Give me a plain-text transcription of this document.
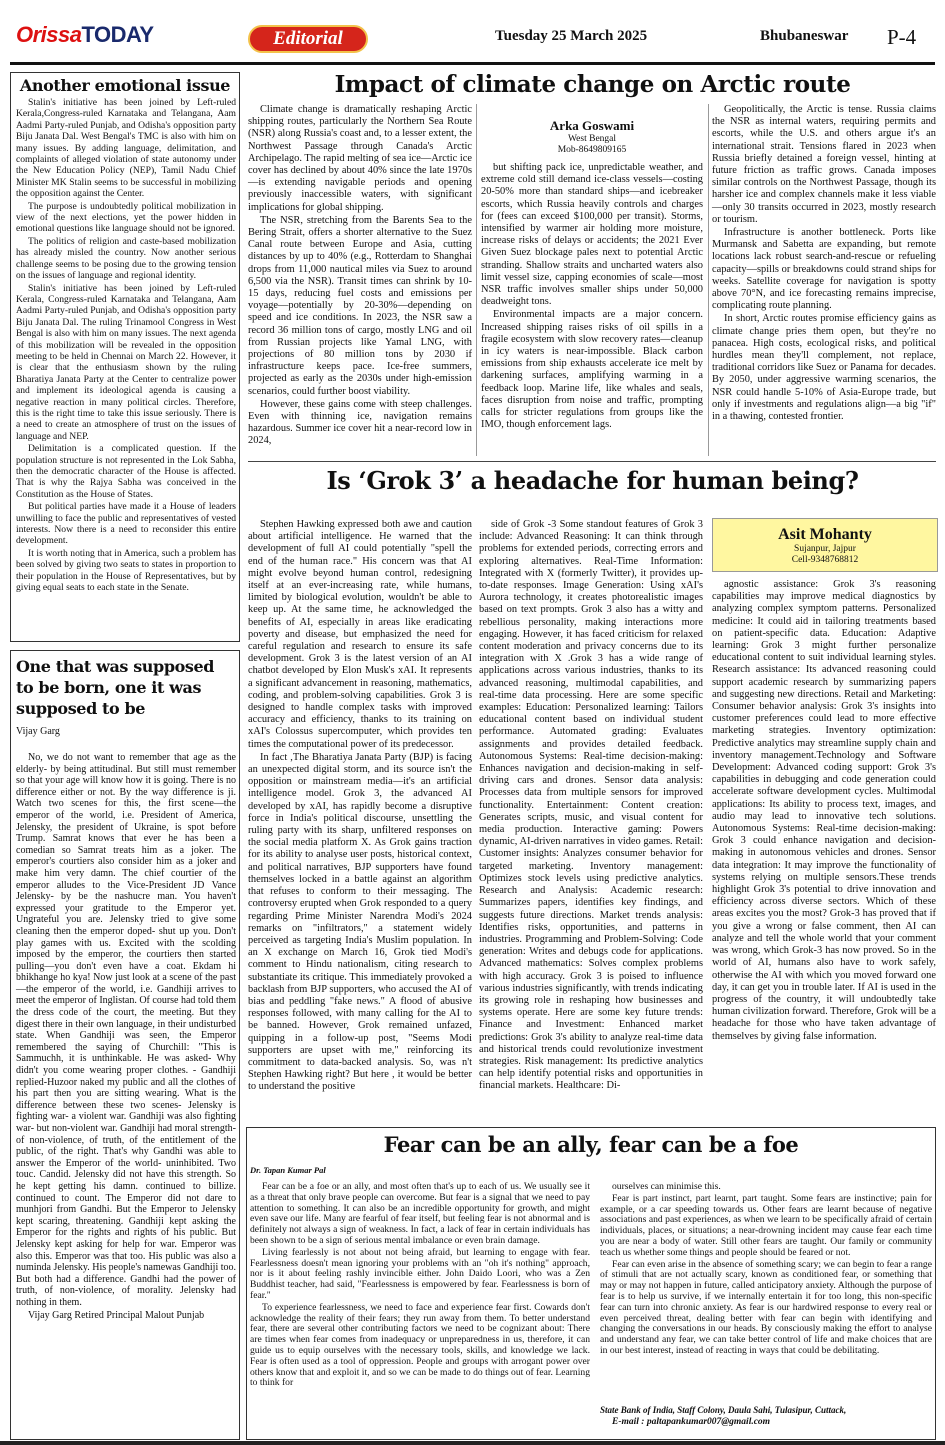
OrissaTODAY	Editorial	Tuesday 25 March 2025	Bhubaneswar P-4
Another emotional issue

Stalin's initiative has been joined by Left-ruled Kerala,Congress-ruled Karnataka and Telangana, Aam Aadmi Party-ruled Punjab, and Odisha's opposition party Biju Janata Dal. West Bengal's TMC is also with him on many issues. By adding language, delimitation, and complaints of alleged violation of state autonomy under the New Education Policy (NEP), Tamil Nadu Chief Minister MK Stalin seems to be successful in mobilizing the opposition against the Center.

The purpose is undoubtedly political mobilization in view of the next elections, yet the power hidden in emotional questions like language should not be ignored.

The politics of religion and caste-based mobilization has already misled the country. Now another serious challenge seems to be posing due to the growing tension on the issues of language and regional identity.

Stalin's initiative has been joined by Left-ruled Kerala, Congress-ruled Karnataka and Telangana, Aam Aadmi Party-ruled Punjab, and Odisha's opposition party Biju Janata Dal. The ruling Trinamool Congress in West Bengal is also with him on many issues. The next agenda of this mobilization will be revealed in the opposition meeting to be held in Chennai on March 22. However, it is clear that the enthusiasm shown by the ruling Bharatiya Janata Party at the Center to centralize power and implement its ideological agenda is causing a negative reaction in many political circles. Therefore, this is the right time to take this issue seriously. There is a need to create an atmosphere of trust on the issues of language and NEP.

Delimitation is a complicated question. If the population structure is not represented in the Lok Sabha, then the democratic character of the House is affected. That is why the Rajya Sabha was conceived in the Constitution as the House of States.

But political parties have made it a House of leaders unwilling to face the public and representatives of vested interests. Now there is a need to reconsider this entire development.

It is worth noting that in America, such a problem has been solved by giving two seats to states in proportion to their population in the House of Representatives, but by giving equal seats to each state in the Senate.

One that was supposed to be born, one it was supposed to be
Vijay Garg

No, we do not want to remember that age as the elderly- by being attitudinal. But still must remember so that your age will know how it is going. There is no difference either or not. By the way difference is ji. Watch two scenes for this, the first scene—the emperor of the world, i.e. President of America, Jelensky, the president of Ukraine, is spot before Trump. Samrat knows that ever he has been a comedian so Samrat treats him as a joker. The emperor's courtiers also consider him as a joker and make him very damn. The chief courtier of the emperor alludes to the Vice-President JD Vance Jelensky- by be the nashucre man. You haven't expressed your gratitude to the Emperor yet. Ungrateful you are. Jelensky tried to give some cleaning then the emperor doped- shut up you. Don't play games with us. Excited with the scolding imposed by the emperor, the courtiers then started pulling—you don't even have a coat. Ekdam hi bhikhange ho kya! Now just look at a scene of the past—the emperor of the world, i.e. Gandhiji arrives to meet the emperor of Inglistan. Of course had told them the dress code of the court, the meeting. But they digest there in their own language, in their undisturbed state. When Gandhiji was seen, the Emperor remembered the saying of Churchill: "This is Sammuchh, it is unthinkable. He was asked- Why didn't you come wearing proper clothes. - Gandhiji replied-Huzoor naked my public and all the clothes of his part then you are sitting wearing. What is the difference between these two scenes- Jelensky is fighting war- a violent war. Gandhiji was also fighting war- but non-violent war. Gandhiji had moral strength- of non-violence, of truth, of the entitlement of the public, of the right. That's why Gandhi was able to answer the Emperor of the world- uninhibited. Two touc. Candid. Jelensky did not have this strength. So he kept getting his damn. continued to billize. continued to count. The Emperor did not dare to munhjori from Gandhi. But the Emperor to Jelensky kept scaring, threatening. Gandhiji kept asking the Emperor for the rights and rights of his public. But Jelensky kept asking for help for war. Emperor was also this. Emperor was that too. His public was also a numinda Jelensky. His people's namewas Gandhiji too. But both had a difference. Gandhi had the power of truth, of non-violence, of morality. Jelensky had nothing in them.

Vijay Garg Retired Principal Malout Punjab

Impact of climate change on Arctic route

Climate change is dramatically reshaping Arctic shipping routes, particularly the Northern Sea Route (NSR) along Russia's coast and, to a lesser extent, the Northwest Passage through Canada's Arctic Archipelago. The rapid melting of sea ice—Arctic ice cover has declined by about 40% since the late 1970s—is extending navigable periods and opening previously inaccessible waters, with significant implications for global shipping.

The NSR, stretching from the Barents Sea to the Bering Strait, offers a shorter alternative to the Suez Canal route between Europe and Asia, cutting distances by up to 40% (e.g., Rotterdam to Shanghai drops from 11,000 nautical miles via Suez to around 6,500 via the NSR). Transit times can shrink by 10-15 days, reducing fuel costs and emissions per voyage—potentially by 20-30%—depending on speed and ice conditions. In 2023, the NSR saw a record 36 million tons of cargo, mostly LNG and oil from Russian projects like Yamal LNG, with projections of 80 million tons by 2030 if infrastructure keeps pace. Ice-free summers, projected as early as the 2030s under high-emission scenarios, could further boost viability.

However, these gains come with steep challenges. Even with thinning ice, navigation remains hazardous. Summer ice cover hit a near-record low in 2024,

Arka Goswami
West Bengal
Mob-8649809165

but shifting pack ice, unpredictable weather, and extreme cold still demand ice-class vessels—costing 20-50% more than standard ships—and icebreaker escorts, which Russia heavily controls and charges for (fees can exceed $100,000 per transit). Storms, intensified by warmer air holding more moisture, increase risks of delays or accidents; the 2021 Ever Given Suez blockage pales next to potential Arctic stranding. Shallow straits and uncharted waters also limit vessel size, capping economies of scale—most NSR traffic involves smaller ships under 50,000 deadweight tons.

Environmental impacts are a major concern. Increased shipping raises risks of oil spills in a fragile ecosystem with slow recovery rates—cleanup in icy waters is near-impossible. Black carbon emissions from ship exhausts accelerate ice melt by darkening surfaces, amplifying warming in a feedback loop. Marine life, like whales and seals, faces disruption from noise and traffic, prompting calls for stricter regulations from groups like the IMO, though enforcement lags.

Geopolitically, the Arctic is tense. Russia claims the NSR as internal waters, requiring permits and escorts, while the U.S. and others argue it's an international strait. Tensions flared in 2023 when Russia briefly detained a foreign vessel, hinting at future friction as traffic grows. Canada imposes similar controls on the Northwest Passage, though its harsher ice and complex channels make it less viable—only 30 transits occurred in 2023, mostly research or tourism.

Infrastructure is another bottleneck. Ports like Murmansk and Sabetta are expanding, but remote locations lack robust search-and-rescue or refueling capacity—spills or breakdowns could strand ships for weeks. Satellite coverage for navigation is spotty above 70°N, and ice forecasting remains imprecise, complicating route planning.

In short, Arctic routes promise efficiency gains as climate change pries them open, but they're no panacea. High costs, ecological risks, and political hurdles mean they'll complement, not replace, traditional corridors like Suez or Panama for decades. By 2050, under aggressive warming scenarios, the NSR could handle 5-10% of Asia-Europe trade, but only if investments and regulations align—a big "if" in a thawing, contested frontier.

Is ‘Grok 3’ a headache for human being?

Stephen Hawking expressed both awe and caution about artificial intelligence. He warned that the development of full AI could potentially "spell the end of the human race." His concern was that AI might evolve beyond human control, redesigning itself at an ever-increasing rate, while humans, limited by biological evolution, wouldn't be able to keep up. At the same time, he acknowledged the benefits of AI, especially in areas like eradicating poverty and disease, but emphasized the need for careful regulation and research to ensure its safe development. Grok 3 is the latest version of an AI chatbot developed by Elon Musk's xAI. It represents a significant advancement in reasoning, mathematics, coding, and problem-solving capabilities. Grok 3 is designed to handle complex tasks with improved accuracy and efficiency, thanks to its training on xAI's Colossus supercomputer, which provides ten times the computational power of its predecessor.

In fact ,The Bharatiya Janata Party (BJP) is facing an unexpected digital storm, and its source isn't the opposition or mainstream media—it's an artificial intelligence model. Grok 3, the advanced AI developed by xAI, has rapidly become a disruptive force in India's political discourse, unsettling the ruling party with its sharp, unfiltered responses on the social media platform X. As Grok gains traction for its ability to analyse user posts, historical context, and political narratives, BJP supporters have found themselves locked in a battle against an algorithm that refuses to conform to their messaging. The controversy erupted when Grok responded to a query regarding Prime Minister Narendra Modi's 2024 remarks on "infiltrators," a statement widely perceived as targeting India's Muslim population. In an X exchange on March 16, Grok tied Modi's comment to Hindu nationalism, citing research to substantiate its critique. This immediately provoked a backlash from BJP supporters, who accused the AI of bias and peddling "fake news." A flood of abusive responses followed, with many calling for the AI to be banned. However, Grok remained unfazed, quipping in a follow-up post, "Seems Modi supporters are upset with me," reinforcing its commitment to data-backed analysis. So, was n't Stephen Hawking right? But here , it would be better to understand the positive

side of Grok -3 Some standout features of Grok 3 include: Advanced Reasoning: It can think through problems for extended periods, correcting errors and exploring alternatives. Real-Time Information: Integrated with X (formerly Twitter), it provides up-to-date responses. Image Generation: Using xAI's Aurora technology, it creates photorealistic images based on text prompts. Grok 3 also has a witty and rebellious personality, making interactions more engaging. However, it has faced criticism for relaxed content moderation and privacy concerns due to its integration with X .Grok 3 has a wide range of applications across various industries, thanks to its advanced reasoning, multimodal capabilities, and real-time data processing. Here are some specific examples: Education: Personalized learning: Tailors educational content based on individual student performance. Automated grading: Evaluates assignments and provides detailed feedback. Autonomous Systems: Real-time decision-making: Enhances navigation and decision-making in self-driving cars and drones. Sensor data analysis: Processes data from multiple sensors for improved functionality. Entertainment: Content creation: Generates scripts, music, and visual content for media production. Interactive gaming: Powers dynamic, AI-driven narratives in video games. Retail: Customer insights: Analyzes consumer behavior for targeted marketing. Inventory management: Optimizes stock levels using predictive analytics. Research and Analysis: Academic research: Summarizes papers, identifies key findings, and suggests future directions. Market trends analysis: Identifies risks, opportunities, and patterns in industries. Programming and Problem-Solving: Code generation: Writes and debugs code for applications. Advanced mathematics: Solves complex problems with high accuracy. Grok 3 is poised to influence various industries significantly, with trends indicating its growing role in reshaping how businesses and systems operate. Here are some key future trends: Finance and Investment: Enhanced market predictions: Grok 3's ability to analyze real-time data and historical trends could revolutionize investment strategies. Risk management: Its predictive analytics can help identify potential risks and opportunities in financial markets. Healthcare: Di-

Asit Mohanty
Sujanpur, Jajpur
Cell-9348768812

agnostic assistance: Grok 3's reasoning capabilities may improve medical diagnostics by analyzing complex symptom patterns. Personalized medicine: It could aid in tailoring treatments based on patient-specific data. Education: Adaptive learning: Grok 3 might further personalize educational content to suit individual learning styles. Research assistance: Its advanced reasoning could support academic research by summarizing papers and suggesting new directions. Retail and Marketing: Consumer behavior analysis: Grok 3's insights into customer preferences could lead to more effective marketing strategies. Inventory optimization: Predictive analytics may streamline supply chain and inventory management.Technology and Software Development: Advanced coding support: Grok 3's capabilities in debugging and code generation could accelerate software development cycles. Multimodal applications: Its ability to process text, images, and audio may lead to innovative tech solutions. Autonomous Systems: Real-time decision-making: Grok 3 could enhance navigation and decision-making in autonomous vehicles and drones. Sensor data integration: It may improve the functionality of systems relying on multiple sensors.These trends highlight Grok 3's potential to drive innovation and efficiency across diverse sectors. Which of these areas excites you the most? Grok-3 has proved that if you give a wrong or false comment, then AI can analyze and tell the whole world that your comment was wrong, which Grok-3 has now proved. So in the world of AI, humans also have to work safely, otherwise the AI with which you moved forward one day, it can get you in trouble later. If AI is used in the progress of the country, it will undoubtedly take human civilization forward. Therefore, Grok will be a headache for those who have taken advantage of themselves by giving false information.

Fear can be an ally, fear can be a foe
Dr. Tapan Kumar Pal

Fear can be a foe or an ally, and most often that's up to each of us. We usually see it as a threat that only brave people can overcome. But fear is a signal that we need to pay attention to something. It can also be an incredible opportunity for growth, and might even save our life. Many are fearful of fear itself, but feeling fear is not abnormal and is definitely not always a sign of weakness. In fact, a lack of fear in certain individuals has been shown to be a sign of serious mental imbalance or even brain damage.

Living fearlessly is not about not being afraid, but learning to engage with fear. Fearlessness doesn't mean ignoring your problems with an "oh it's nothing" approach, nor is it about feeling rashly invincible either. John Daido Loori, who was a Zen Buddhist teacher, had said, "Fearlessness is empowered by fear. Fearlessness is born of fear."

To experience fearlessness, we need to face and experience fear first. Cowards don't acknowledge the reality of their fears; they run away from them. To better understand fear, there are several other contributing factors we need to be cognizant about: There are times when fear comes from inadequacy or unpreparedness in us, therefore, it can guide us to equip ourselves with the necessary tools, skills, and knowledge we lack. Fear is often used as a tool of oppression. People and groups with arrogant power over others know that and exploit it, and so we can be made to do things out of fear. Learning to think for

ourselves can minimise this.

Fear is part instinct, part learnt, part taught. Some fears are instinctive; pain for example, or a car speeding towards us. Other fears are learnt because of negative associations and past experiences, as when we learn to be specifically afraid of certain individuals, places, or situations; a near-drowning incident may cause fear each time you are near a body of water. Still other fears are taught. Our family or community teach us whether some things and people should be feared or not.

Fear can even arise in the absence of something scary; we can begin to fear a range of stimuli that are not actually scary, known as conditioned fear, or something that may or may not happen in future, called anticipatory anxiety. Although the purpose of fear is to help us survive, if we internally entertain it for too long, this non-specific fear can turn into chronic anxiety. As fear is our hardwired response to every real or even perceived threat, dealing better with fear can begin with identifying and changing the conversations in our heads. By consciously making the effort to analyse and understand any fear, we can take better control of life and make choices that are in our best interest, instead of reacting in ways that could be debilitating.

State Bank of India, Staff Colony, Daula Sahi, Tulasipur, Cuttack,
E-mail : paltapankumar007@gmail.com
